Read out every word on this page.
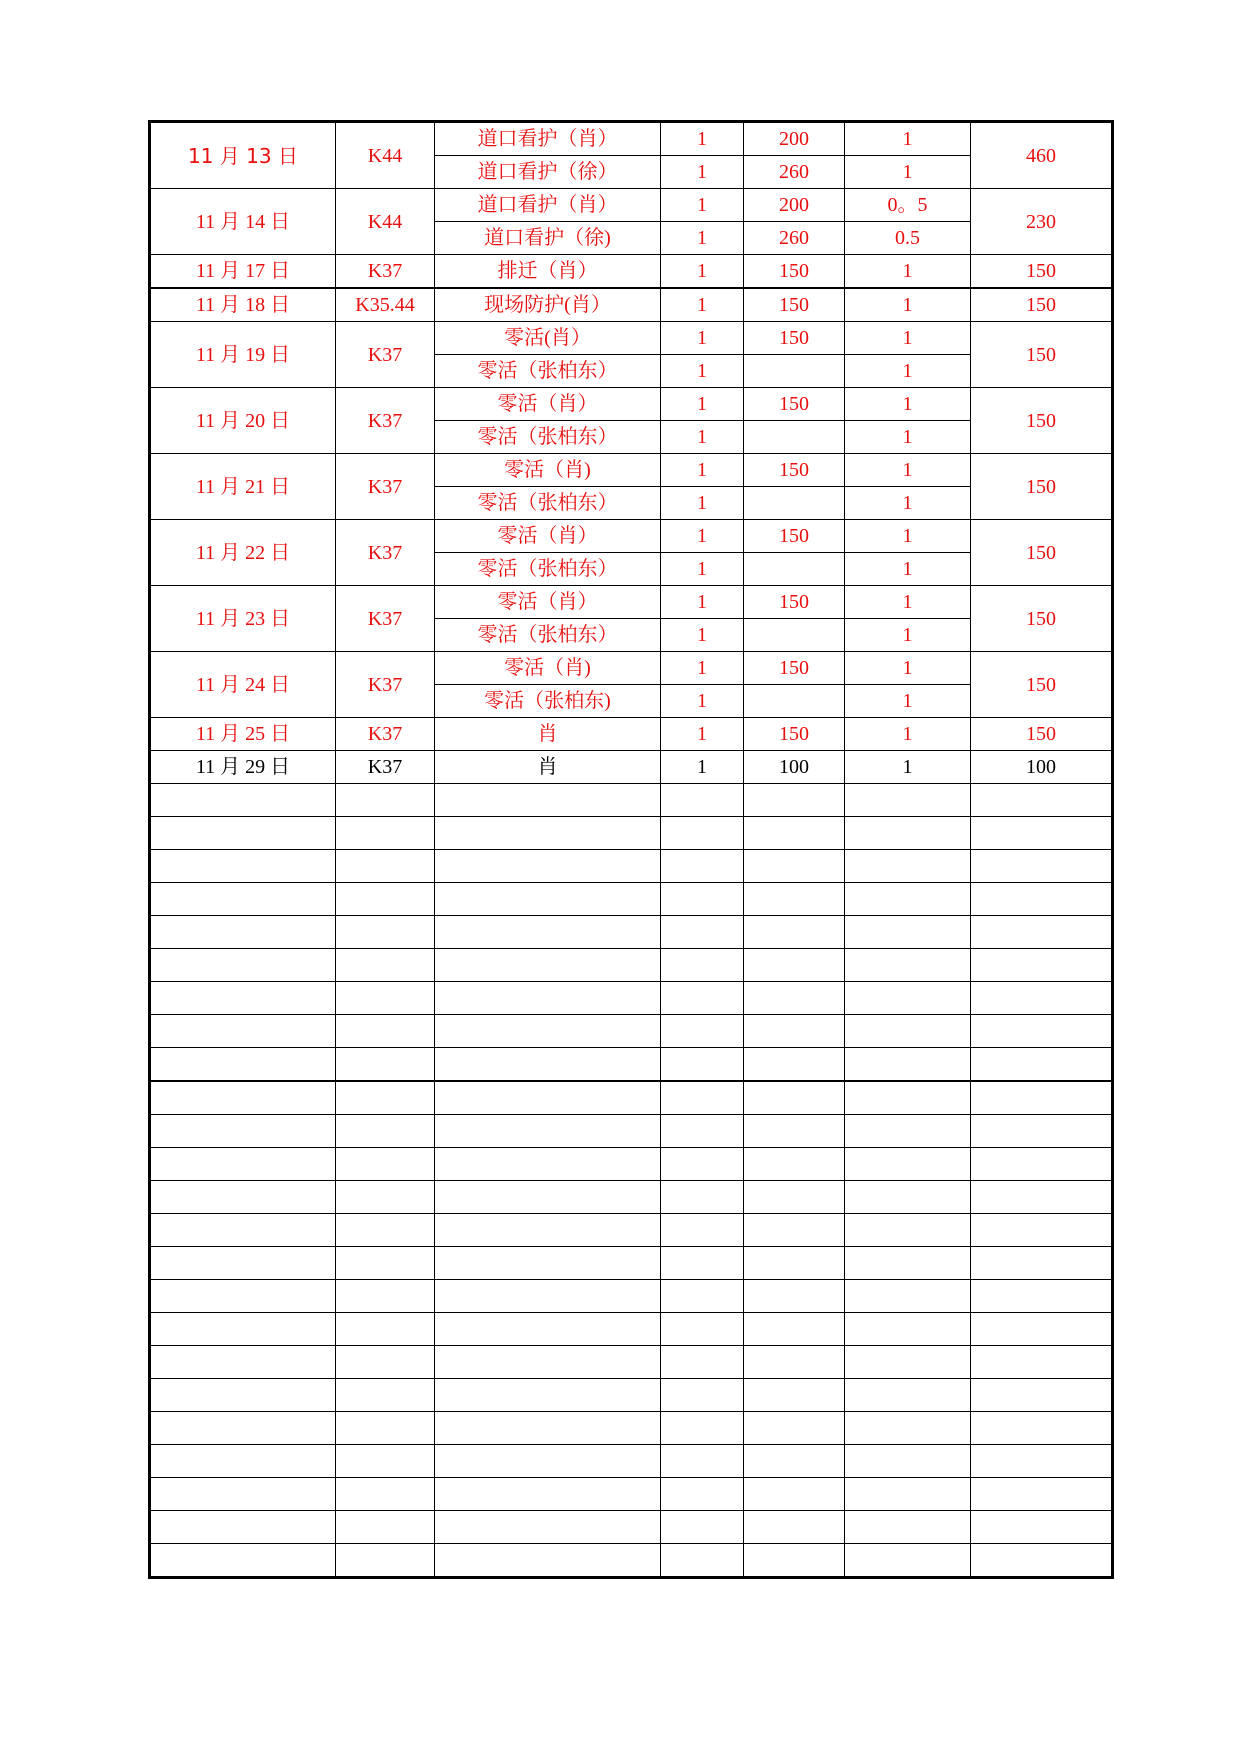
11 月 13 日	K44	道口看护（肖）	1	200	1	460
		道口看护（徐）	1	260	1	
11 月 14 日	K44	道口看护（肖）	1	200	0。5	230
		道口看护（徐)	1	260	0.5	
11 月 17 日	K37	排迁（肖）	1	150	1	150
11 月 18 日	K35.44	现场防护(肖）	1	150	1	150
11 月 19 日	K37	零活(肖）	1	150	1	150
		零活（张柏东）	1		1	
11 月 20 日	K37	零活（肖）	1	150	1	150
		零活（张柏东）	1		1	
11 月 21 日	K37	零活（肖)	1	150	1	150
		零活（张柏东）	1		1	
11 月 22 日	K37	零活（肖）	1	150	1	150
		零活（张柏东）	1		1	
11 月 23 日	K37	零活（肖）	1	150	1	150
		零活（张柏东）	1		1	
11 月 24 日	K37	零活（肖)	1	150	1	150
		零活（张柏东)	1		1	
11 月 25 日	K37	肖	1	150	1	150
11 月 29 日	K37	肖	1	100	1	100
